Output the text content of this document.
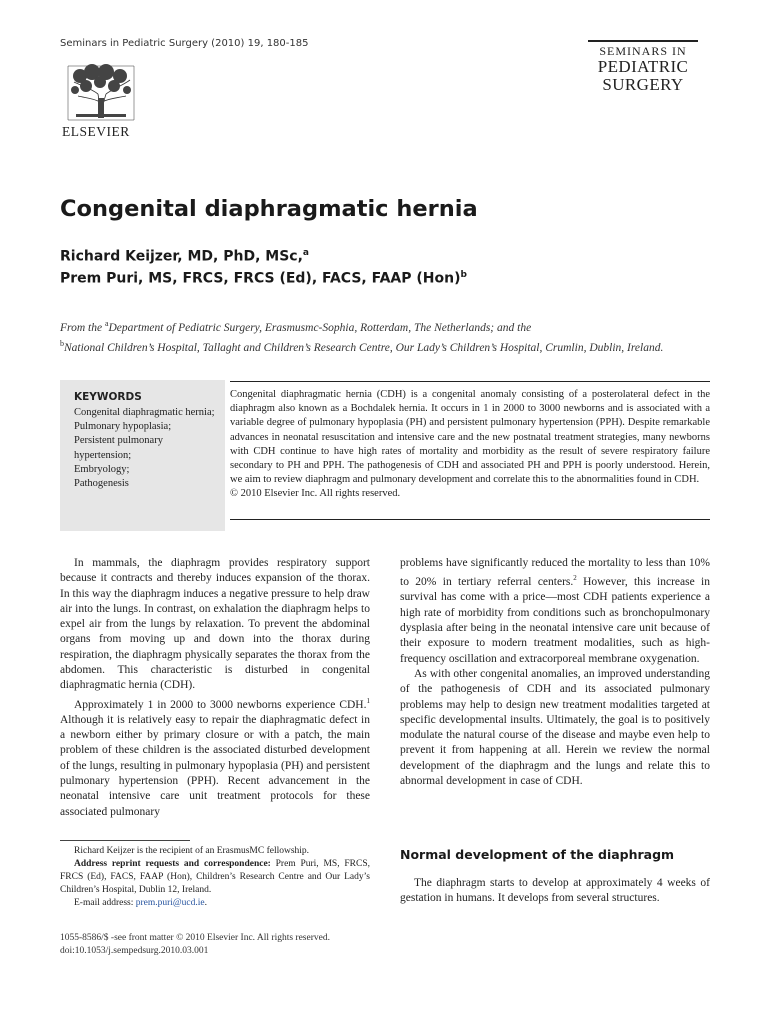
Seminars in Pediatric Surgery (2010) 19, 180-185
ELSEVIER
SEMINARS IN
PEDIATRIC
SURGERY
Congenital diaphragmatic hernia
Richard Keijzer, MD, PhD, MSc,$^a$
Prem Puri, MS, FRCS, FRCS (Ed), FACS, FAAP (Hon)$^b$
From the $^a$Department of Pediatric Surgery, Erasmusmc-Sophia, Rotterdam, The Netherlands; and the
$^b$National Children’s Hospital, Tallaght and Children’s Research Centre, Our Lady’s Children’s Hospital, Crumlin, Dublin, Ireland.
KEYWORDS
Congenital diaphragmatic hernia;
Pulmonary hypoplasia;
Persistent pulmonary hypertension;
Embryology;
Pathogenesis
Congenital diaphragmatic hernia (CDH) is a congenital anomaly consisting of a posterolateral defect in the diaphragm also known as a Bochdalek hernia. It occurs in 1 in 2000 to 3000 newborns and is associated with a variable degree of pulmonary hypoplasia (PH) and persistent pulmonary hypertension (PPH). Despite remarkable advances in neonatal resuscitation and intensive care and the new postnatal treatment strategies, many newborns with CDH continue to have high rates of mortality and morbidity as the result of severe respiratory failure secondary to PH and PPH. The pathogenesis of CDH and associated PH and PPH is poorly understood. Herein, we aim to review diaphragm and pulmonary development and correlate this to the abnormalities found in CDH.
© 2010 Elsevier Inc. All rights reserved.

In mammals, the diaphragm provides respiratory support because it contracts and thereby induces expansion of the thorax. In this way the diaphragm induces a negative pressure to help draw air into the lungs. In contrast, on exhalation the diaphragm helps to expel air from the lungs by relaxation. To prevent the abdominal organs from moving up and down into the thorax during respiration, the diaphragm physically separates the thorax from the abdomen. This characteristic is disturbed in congenital diaphragmatic hernia (CDH).

Approximately 1 in 2000 to 3000 newborns experience CDH.$^1$ Although it is relatively easy to repair the diaphragmatic defect in a newborn either by primary closure or with a patch, the main problem of these children is the associated disturbed development of the lungs, resulting in pulmonary hypoplasia (PH) and persistent pulmonary hypertension (PPH). Recent advancement in the neonatal intensive care unit treatment protocols for these associated pulmonary

problems have significantly reduced the mortality to less than 10% to 20% in tertiary referral centers.$^2$ However, this increase in survival has come with a price—most CDH patients experience a high rate of morbidity from conditions such as bronchopulmonary dysplasia after being in the neonatal intensive care unit because of their exposure to modern treatment modalities, such as high-frequency oscillation and extracorporeal membrane oxygenation.

As with other congenital anomalies, an improved understanding of the pathogenesis of CDH and its associated pulmonary problems may help to design new treatment modalities targeted at specific developmental insults. Ultimately, the goal is to positively modulate the natural course of the disease and maybe even help to prevent it from happening at all. Herein we review the normal development of the diaphragm and the lungs and relate this to abnormal development in case of CDH.

Richard Keijzer is the recipient of an ErasmusMC fellowship.
Address reprint requests and correspondence: Prem Puri, MS, FRCS, FRCS (Ed), FACS, FAAP (Hon), Children’s Research Centre and Our Lady’s Children’s Hospital, Dublin 12, Ireland.
E-mail address: prem.puri@ucd.ie.
1055-8586/$ -see front matter © 2010 Elsevier Inc. All rights reserved.
doi:10.1053/j.sempedsurg.2010.03.001
Normal development of the diaphragm

The diaphragm starts to develop at approximately 4 weeks of gestation in humans. It develops from several structures.
